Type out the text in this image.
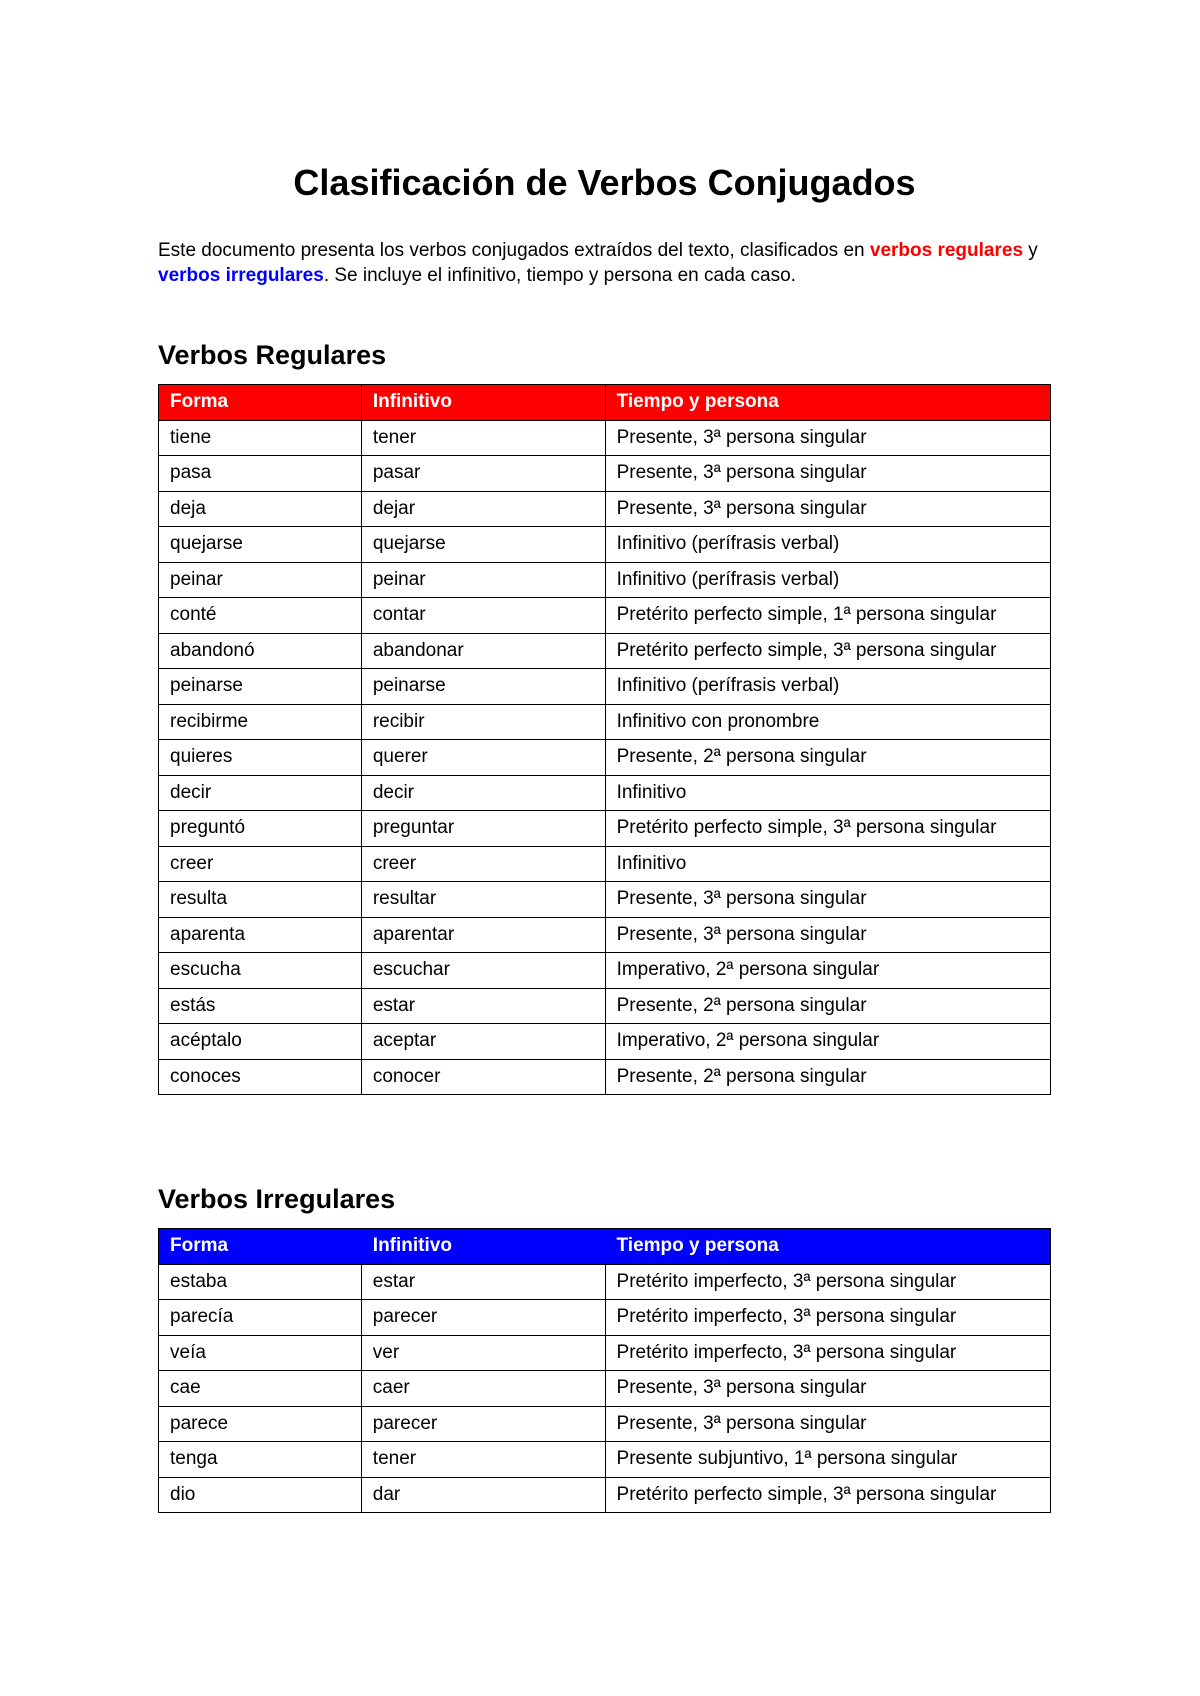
Clasificación de Verbos Conjugados

Este documento presenta los verbos conjugados extraídos del texto, clasificados en verbos regulares y verbos irregulares. Se incluye el infinitivo, tiempo y persona en cada caso.

Verbos Regulares
Forma	Infinitivo	Tiempo y persona
tiene	tener	Presente, 3ª persona singular
pasa	pasar	Presente, 3ª persona singular
deja	dejar	Presente, 3ª persona singular
quejarse	quejarse	Infinitivo (perífrasis verbal)
peinar	peinar	Infinitivo (perífrasis verbal)
conté	contar	Pretérito perfecto simple, 1ª persona singular
abandonó	abandonar	Pretérito perfecto simple, 3ª persona singular
peinarse	peinarse	Infinitivo (perífrasis verbal)
recibirme	recibir	Infinitivo con pronombre
quieres	querer	Presente, 2ª persona singular
decir	decir	Infinitivo
preguntó	preguntar	Pretérito perfecto simple, 3ª persona singular
creer	creer	Infinitivo
resulta	resultar	Presente, 3ª persona singular
aparenta	aparentar	Presente, 3ª persona singular
escucha	escuchar	Imperativo, 2ª persona singular
estás	estar	Presente, 2ª persona singular
acéptalo	aceptar	Imperativo, 2ª persona singular
conoces	conocer	Presente, 2ª persona singular
Verbos Irregulares
Forma	Infinitivo	Tiempo y persona
estaba	estar	Pretérito imperfecto, 3ª persona singular
parecía	parecer	Pretérito imperfecto, 3ª persona singular
veía	ver	Pretérito imperfecto, 3ª persona singular
cae	caer	Presente, 3ª persona singular
parece	parecer	Presente, 3ª persona singular
tenga	tener	Presente subjuntivo, 1ª persona singular
dio	dar	Pretérito perfecto simple, 3ª persona singular
